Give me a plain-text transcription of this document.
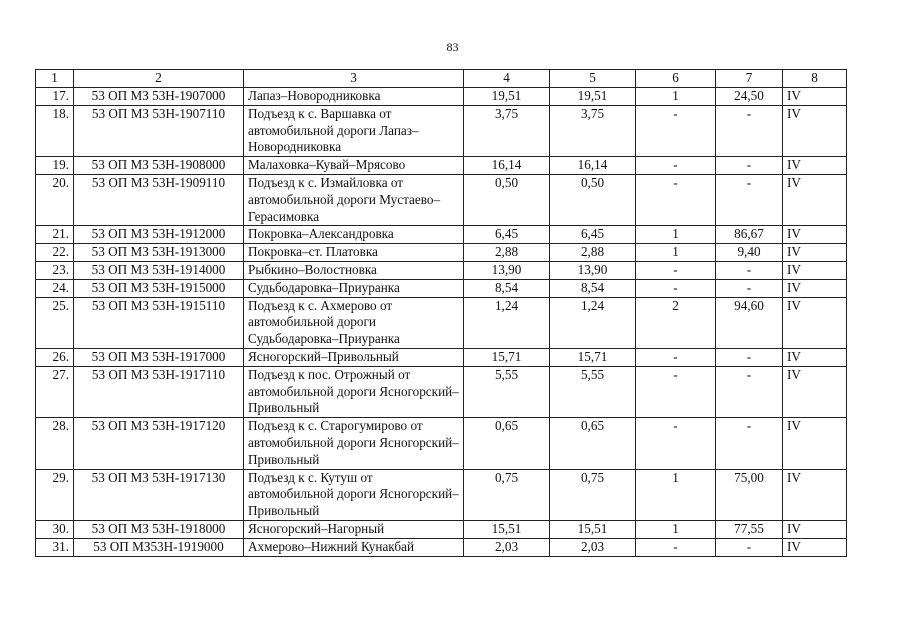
83
1	2	3	4	5	6	7	8
17.	53 ОП МЗ 53Н-1907000	Лапаз–Новородниковка	19,51	19,51	1	24,50	IV
18.	53 ОП МЗ 53Н-1907110	Подъезд к с. Варшавка от автомобильной дороги Лапаз–Новородниковка	3,75	3,75	-	-	IV
19.	53 ОП МЗ 53Н-1908000	Малаховка–Кувай–Мрясово	16,14	16,14	-	-	IV
20.	53 ОП МЗ 53Н-1909110	Подъезд к с. Измайловка от автомобильной дороги Мустаево–Герасимовка	0,50	0,50	-	-	IV
21.	53 ОП МЗ 53Н-1912000	Покровка–Александровка	6,45	6,45	1	86,67	IV
22.	53 ОП МЗ 53Н-1913000	Покровка–ст. Платовка	2,88	2,88	1	9,40	IV
23.	53 ОП МЗ 53Н-1914000	Рыбкино–Волостновка	13,90	13,90	-	-	IV
24.	53 ОП МЗ 53Н-1915000	Судьбодаровка–Приуранка	8,54	8,54	-	-	IV
25.	53 ОП МЗ 53Н-1915110	Подъезд к с. Ахмерово от автомобильной дороги Судьбодаровка–Приуранка	1,24	1,24	2	94,60	IV
26.	53 ОП МЗ 53Н-1917000	Ясногорский–Привольный	15,71	15,71	-	-	IV
27.	53 ОП МЗ 53Н-1917110	Подъезд к пос. Отрожный от автомобильной дороги Ясногорский–Привольный	5,55	5,55	-	-	IV
28.	53 ОП МЗ 53Н-1917120	Подъезд к с. Старогумирово от автомобильной дороги Ясногорский–Привольный	0,65	0,65	-	-	IV
29.	53 ОП МЗ 53Н-1917130	Подъезд к с. Кутуш от автомобильной дороги Ясногорский–Привольный	0,75	0,75	1	75,00	IV
30.	53 ОП МЗ 53Н-1918000	Ясногорский–Нагорный	15,51	15,51	1	77,55	IV
31.	53 ОП МЗ53Н-1919000	Ахмерово–Нижний Кунакбай	2,03	2,03	-	-	IV
